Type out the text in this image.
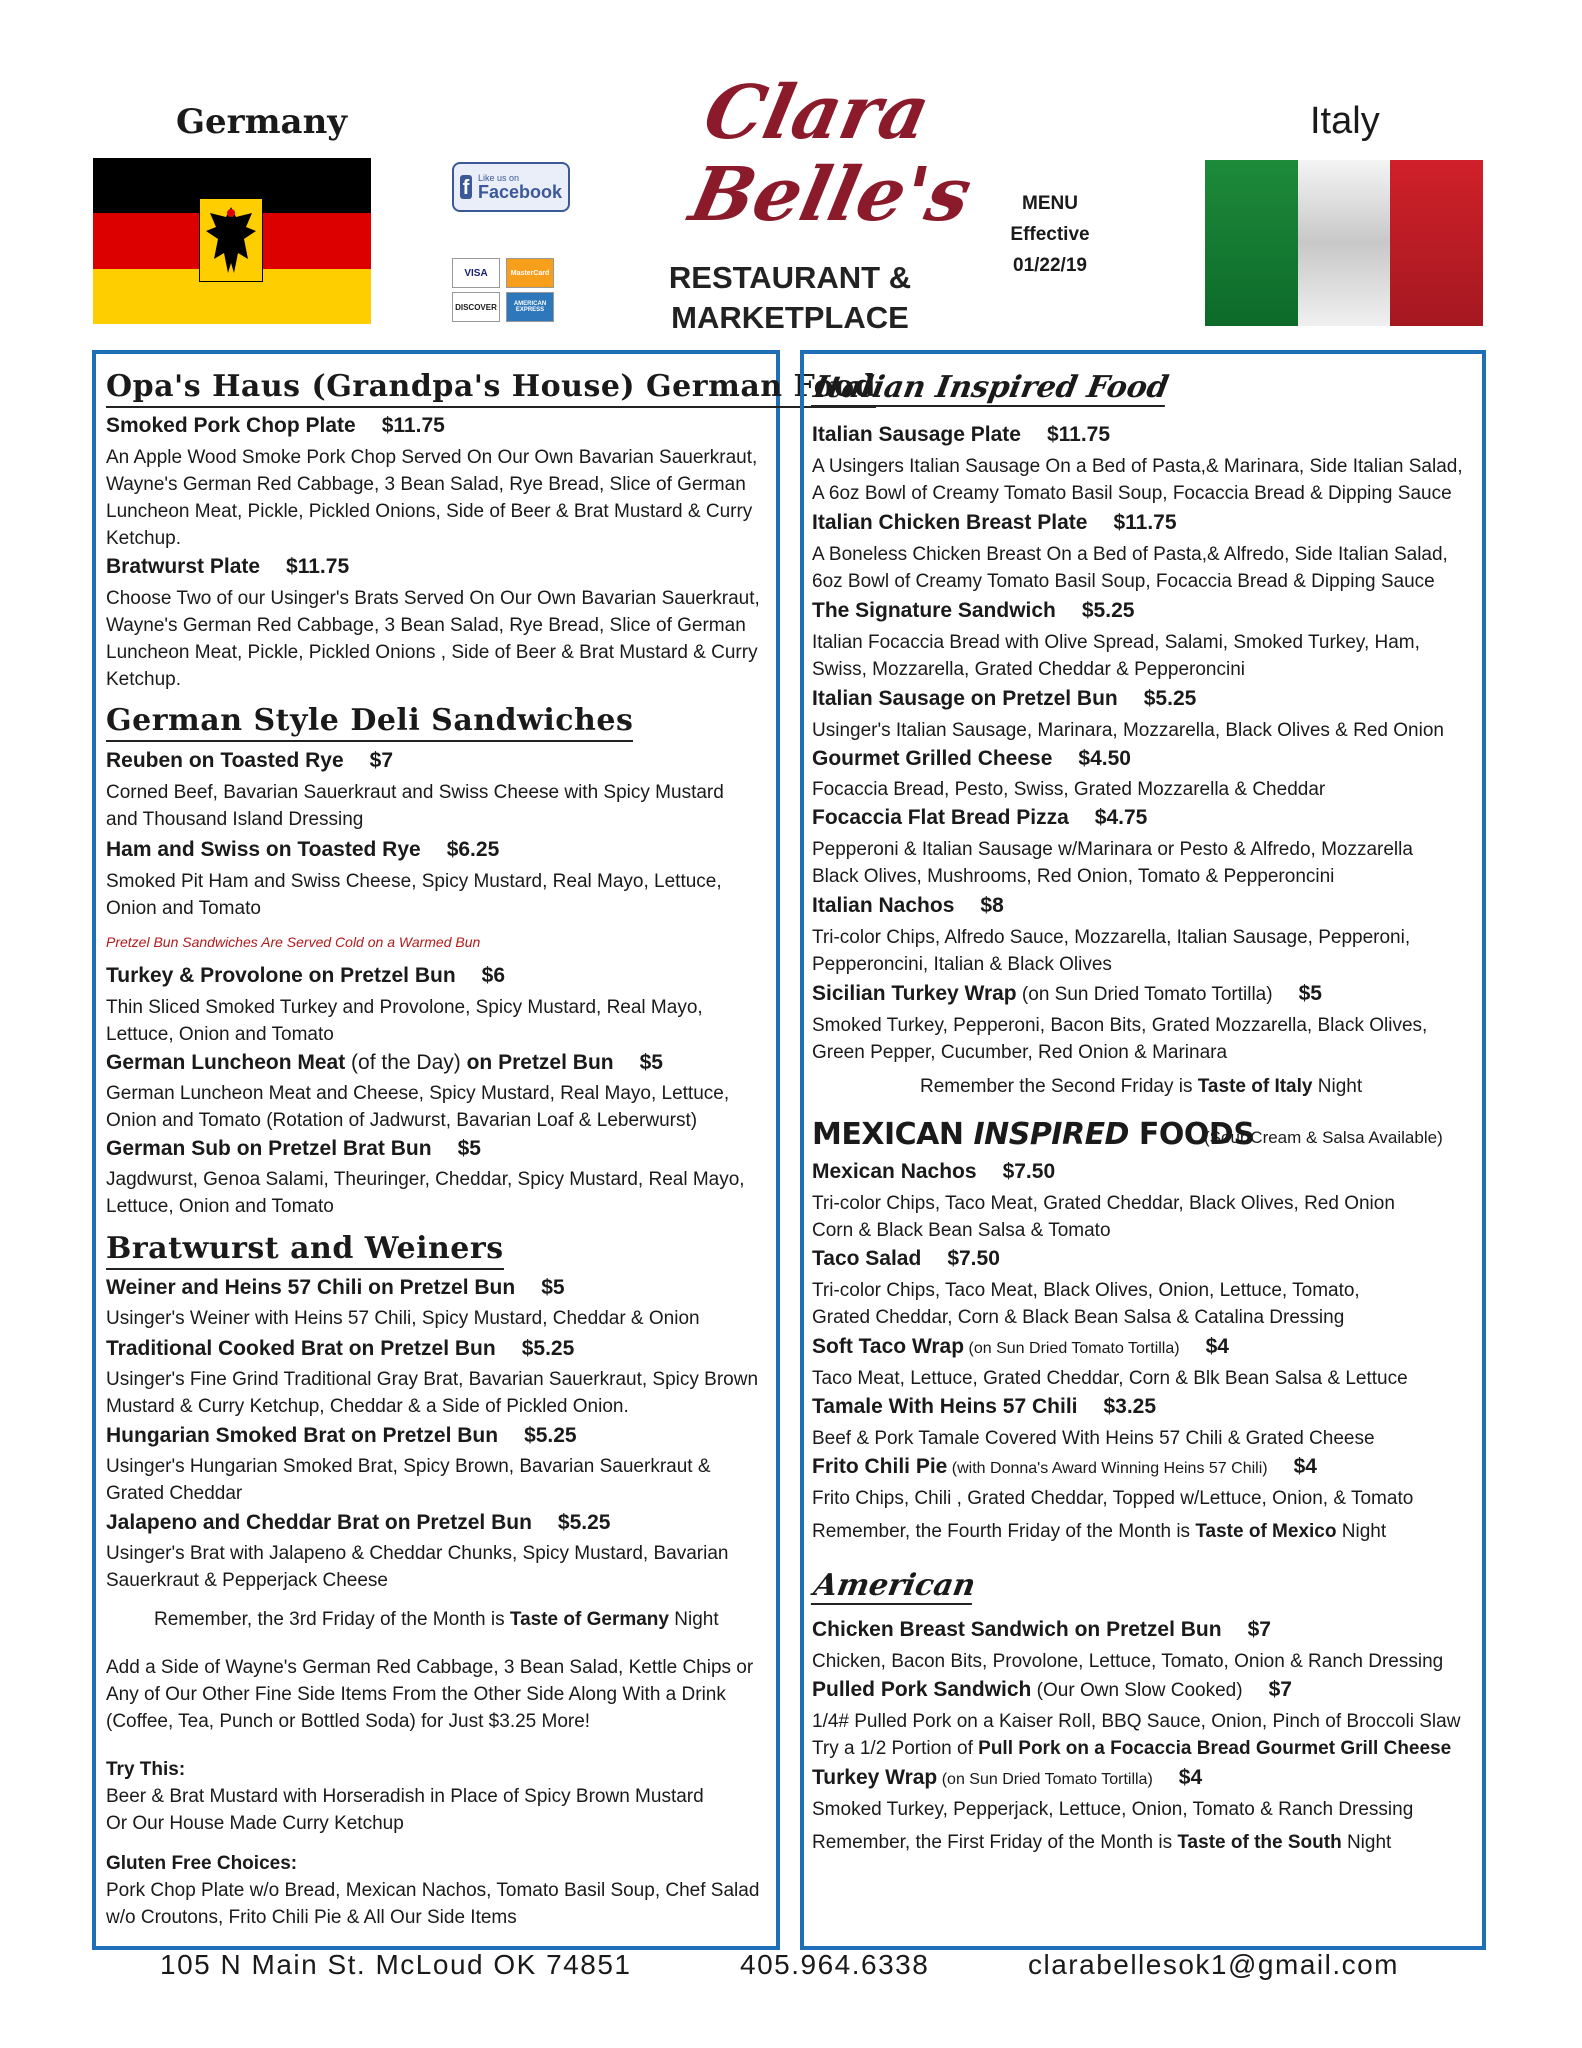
Germany
f Like us on
Facebook
VISA	MasterCard
DISCOVER	AMERICAN EXPRESS
Clara
Belle's
RESTAURANT &
MARKETPLACE
MENU
Effective
01/22/19
Italy
Opa's Haus (Grandpa's House) German Food
Smoked Pork Chop Plate $11.75
An Apple Wood Smoke Pork Chop Served On Our Own Bavarian Sauerkraut,
Wayne's German Red Cabbage, 3 Bean Salad, Rye Bread, Slice of German
Luncheon Meat, Pickle, Pickled Onions, Side of Beer & Brat Mustard & Curry
Ketchup.
Bratwurst Plate $11.75
Choose Two of our Usinger's Brats Served On Our Own Bavarian Sauerkraut,
Wayne's German Red Cabbage, 3 Bean Salad, Rye Bread, Slice of German
Luncheon Meat, Pickle, Pickled Onions , Side of Beer & Brat Mustard & Curry
Ketchup.
German Style Deli Sandwiches
Reuben on Toasted Rye $7
Corned Beef, Bavarian Sauerkraut and Swiss Cheese with Spicy Mustard
and Thousand Island Dressing
Ham and Swiss on Toasted Rye $6.25
Smoked Pit Ham and Swiss Cheese, Spicy Mustard, Real Mayo, Lettuce,
Onion and Tomato
Pretzel Bun Sandwiches Are Served Cold on a Warmed Bun
Turkey & Provolone on Pretzel Bun $6
Thin Sliced Smoked Turkey and Provolone, Spicy Mustard, Real Mayo,
Lettuce, Onion and Tomato
German Luncheon Meat (of the Day) on Pretzel Bun $5
German Luncheon Meat and Cheese, Spicy Mustard, Real Mayo, Lettuce,
Onion and Tomato (Rotation of Jadwurst, Bavarian Loaf & Leberwurst)
German Sub on Pretzel Brat Bun $5
Jagdwurst, Genoa Salami, Theuringer, Cheddar, Spicy Mustard, Real Mayo,
Lettuce, Onion and Tomato
Bratwurst and Weiners
Weiner and Heins 57 Chili on Pretzel Bun $5
Usinger's Weiner with Heins 57 Chili, Spicy Mustard, Cheddar & Onion
Traditional Cooked Brat on Pretzel Bun $5.25
Usinger's Fine Grind Traditional Gray Brat, Bavarian Sauerkraut, Spicy Brown
Mustard & Curry Ketchup, Cheddar & a Side of Pickled Onion.
Hungarian Smoked Brat on Pretzel Bun $5.25
Usinger's Hungarian Smoked Brat, Spicy Brown, Bavarian Sauerkraut &
Grated Cheddar
Jalapeno and Cheddar Brat on Pretzel Bun $5.25
Usinger's Brat with Jalapeno & Cheddar Chunks, Spicy Mustard, Bavarian
Sauerkraut & Pepperjack Cheese
Remember, the 3rd Friday of the Month is Taste of Germany Night
Add a Side of Wayne's German Red Cabbage, 3 Bean Salad, Kettle Chips or
Any of Our Other Fine Side Items From the Other Side Along With a Drink
(Coffee, Tea, Punch or Bottled Soda) for Just $3.25 More!
Try This:
Beer & Brat Mustard with Horseradish in Place of Spicy Brown Mustard
Or Our House Made Curry Ketchup
Gluten Free Choices:
Pork Chop Plate w/o Bread, Mexican Nachos, Tomato Basil Soup, Chef Salad
w/o Croutons, Frito Chili Pie & All Our Side Items
Italian Inspired Food
Italian Sausage Plate $11.75
A Usingers Italian Sausage On a Bed of Pasta,& Marinara, Side Italian Salad,
A 6oz Bowl of Creamy Tomato Basil Soup, Focaccia Bread & Dipping Sauce
Italian Chicken Breast Plate $11.75
A Boneless Chicken Breast On a Bed of Pasta,& Alfredo, Side Italian Salad,
6oz Bowl of Creamy Tomato Basil Soup, Focaccia Bread & Dipping Sauce
The Signature Sandwich $5.25
Italian Focaccia Bread with Olive Spread, Salami, Smoked Turkey, Ham,
Swiss, Mozzarella, Grated Cheddar & Pepperoncini
Italian Sausage on Pretzel Bun $5.25
Usinger's Italian Sausage, Marinara, Mozzarella, Black Olives & Red Onion
Gourmet Grilled Cheese $4.50
Focaccia Bread, Pesto, Swiss, Grated Mozzarella & Cheddar
Focaccia Flat Bread Pizza $4.75
Pepperoni & Italian Sausage w/Marinara or Pesto & Alfredo, Mozzarella
Black Olives, Mushrooms, Red Onion, Tomato & Pepperoncini
Italian Nachos $8
Tri-color Chips, Alfredo Sauce, Mozzarella, Italian Sausage, Pepperoni,
Pepperoncini, Italian & Black Olives
Sicilian Turkey Wrap (on Sun Dried Tomato Tortilla) $5
Smoked Turkey, Pepperoni, Bacon Bits, Grated Mozzarella, Black Olives,
Green Pepper, Cucumber, Red Onion & Marinara
Remember the Second Friday is Taste of Italy Night
MEXICAN INSPIRED FOODS
(Sour Cream & Salsa Available)
Mexican Nachos $7.50
Tri-color Chips, Taco Meat, Grated Cheddar, Black Olives, Red Onion
Corn & Black Bean Salsa & Tomato
Taco Salad $7.50
Tri-color Chips, Taco Meat, Black Olives, Onion, Lettuce, Tomato,
Grated Cheddar, Corn & Black Bean Salsa & Catalina Dressing
Soft Taco Wrap (on Sun Dried Tomato Tortilla) $4
Taco Meat, Lettuce, Grated Cheddar, Corn & Blk Bean Salsa & Lettuce
Tamale With Heins 57 Chili $3.25
Beef & Pork Tamale Covered With Heins 57 Chili & Grated Cheese
Frito Chili Pie (with Donna's Award Winning Heins 57 Chili) $4
Frito Chips, Chili , Grated Cheddar, Topped w/Lettuce, Onion, & Tomato
Remember, the Fourth Friday of the Month is Taste of Mexico Night
American
Chicken Breast Sandwich on Pretzel Bun $7
Chicken, Bacon Bits, Provolone, Lettuce, Tomato, Onion & Ranch Dressing
Pulled Pork Sandwich (Our Own Slow Cooked) $7
1/4# Pulled Pork on a Kaiser Roll, BBQ Sauce, Onion, Pinch of Broccoli Slaw
Try a 1/2 Portion of Pull Pork on a Focaccia Bread Gourmet Grill Cheese
Turkey Wrap (on Sun Dried Tomato Tortilla) $4
Smoked Turkey, Pepperjack, Lettuce, Onion, Tomato & Ranch Dressing
Remember, the First Friday of the Month is Taste of the South Night
105 N Main St. McLoud OK 74851	405.964.6338	clarabellesok1@gmail.com
